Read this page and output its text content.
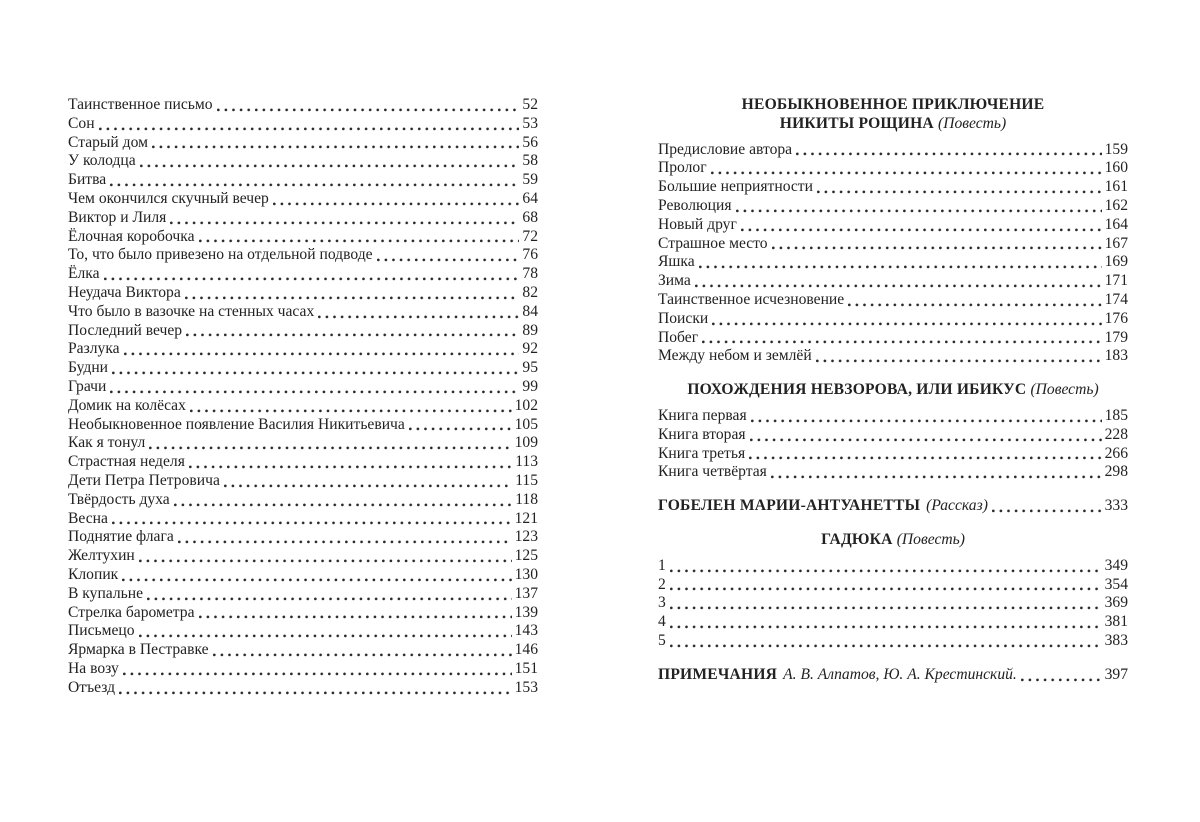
Таинственное письмо	52
Сон	53
Старый дом	56
У колодца	58
Битва	59
Чем окончился скучный вечер	64
Виктор и Лиля	68
Ёлочная коробочка	72
То, что было привезено на отдельной подводе	76
Ёлка	78
Неудача Виктора	82
Что было в вазочке на стенных часах	84
Последний вечер	89
Разлука	92
Будни	95
Грачи	99
Домик на колёсах	102
Необыкновенное появление Василия Никитьевича	105
Как я тонул	109
Страстная неделя	113
Дети Петра Петровича	115
Твёрдость духа	118
Весна	121
Поднятие флага	123
Желтухин	125
Клопик	130
В купальне	137
Стрелка барометра	139
Письмецо	143
Ярмарка в Пестравке	146
На возу	151
Отъезд	153
НЕОБЫКНОВЕННОЕ ПРИКЛЮЧЕНИЕ
НИКИТЫ РОЩИНА (Повесть)
Предисловие автора	159
Пролог	160
Большие неприятности	161
Революция	162
Новый друг	164
Страшное место	167
Яшка	169
Зима	171
Таинственное исчезновение	174
Поиски	176
Побег	179
Между небом и землёй	183
ПОХОЖДЕНИЯ НЕВЗОРОВА, ИЛИ ИБИКУС (Повесть)
Книга первая	185
Книга вторая	228
Книга третья	266
Книга четвёртая	298
ГОБЕЛЕН МАРИИ-АНТУАНЕТТЫ (Рассказ)	333
ГАДЮКА (Повесть)
1	349
2	354
3	369
4	381
5	383
ПРИМЕЧАНИЯ А. В. Алпатов, Ю. А. Крестинский.	397
